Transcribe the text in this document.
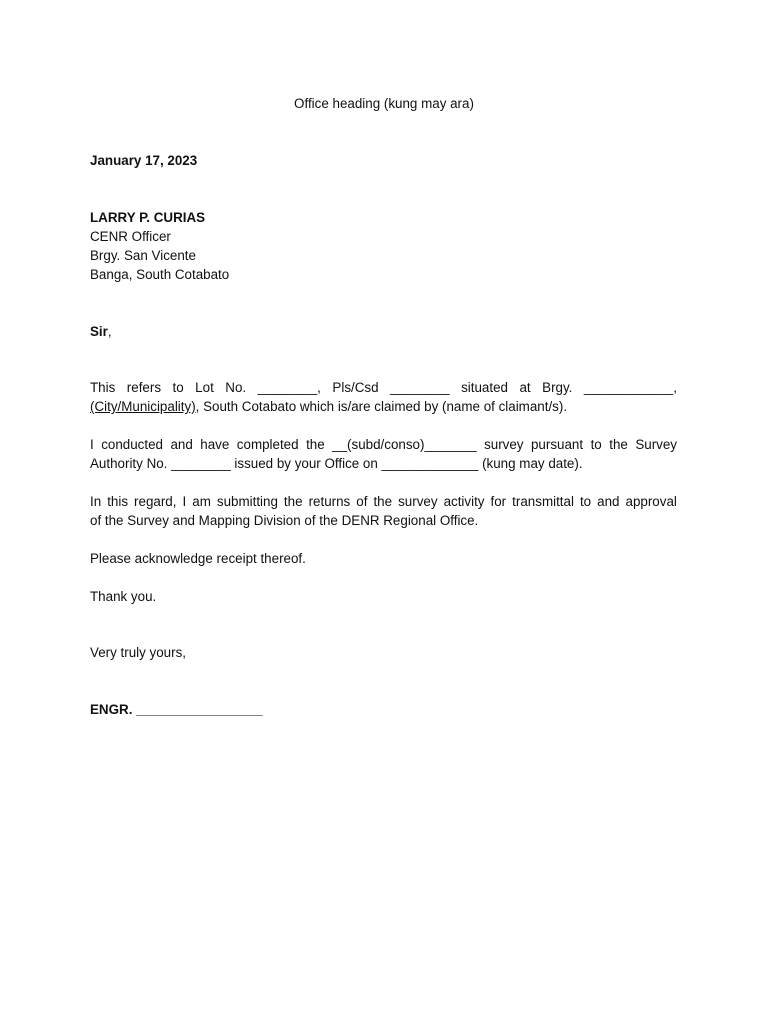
Office heading (kung may ara)
January 17, 2023
LARRY P. CURIAS
CENR Officer
Brgy. San Vicente
Banga, South Cotabato
Sir,
This refers to Lot No. ________, Pls/Csd ________ situated at Brgy. ____________,
(City/Municipality), South Cotabato which is/are claimed by (name of claimant/s).
I conducted and have completed the __(subd/conso)_______ survey pursuant to the Survey
Authority No. ________ issued by your Office on _____________ (kung may date).
In this regard, I am submitting the returns of the survey activity for transmittal to and approval
of the Survey and Mapping Division of the DENR Regional Office.
Please acknowledge receipt thereof.
Thank you.
Very truly yours,
ENGR. _________________
